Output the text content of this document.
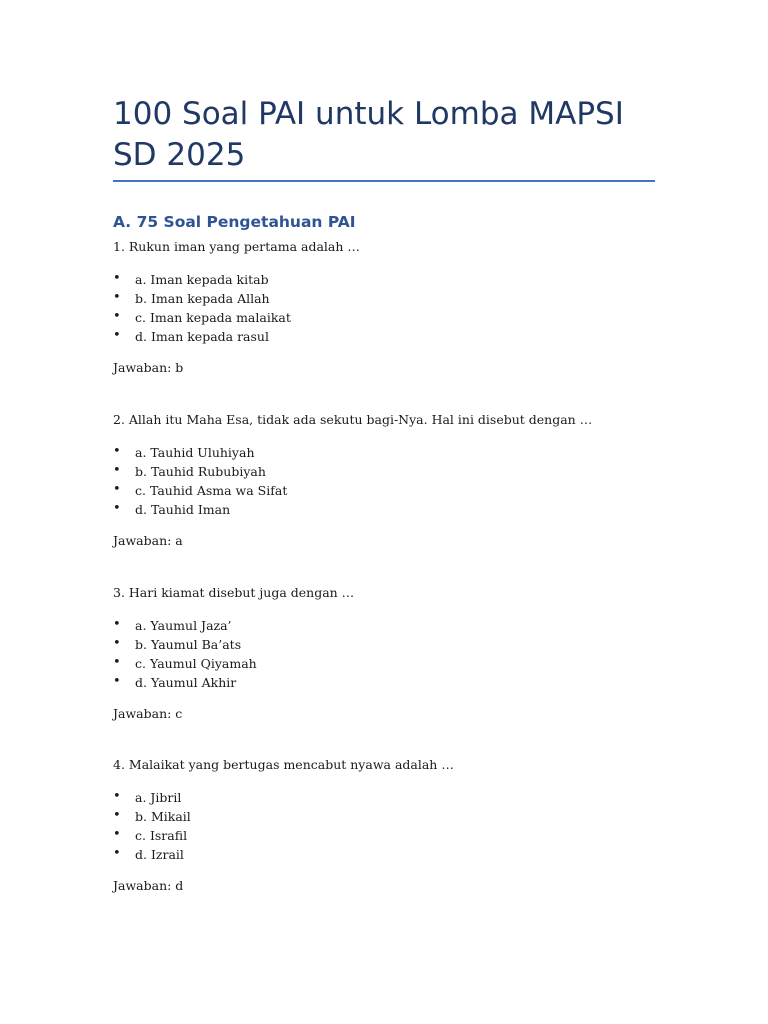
100 Soal PAI untuk Lomba MAPSI SD 2025
A. 75 Soal Pengetahuan PAI

1. Rukun iman yang pertama adalah …

• a. Iman kepada kitab
• b. Iman kepada Allah
• c. Iman kepada malaikat
• d. Iman kepada rasul

Jawaban: b

2. Allah itu Maha Esa, tidak ada sekutu bagi-Nya. Hal ini disebut dengan …

• a. Tauhid Uluhiyah
• b. Tauhid Rububiyah
• c. Tauhid Asma wa Sifat
• d. Tauhid Iman

Jawaban: a

3. Hari kiamat disebut juga dengan …

• a. Yaumul Jaza’
• b. Yaumul Ba’ats
• c. Yaumul Qiyamah
• d. Yaumul Akhir

Jawaban: c

4. Malaikat yang bertugas mencabut nyawa adalah …

• a. Jibril
• b. Mikail
• c. Israfil
• d. Izrail

Jawaban: d
